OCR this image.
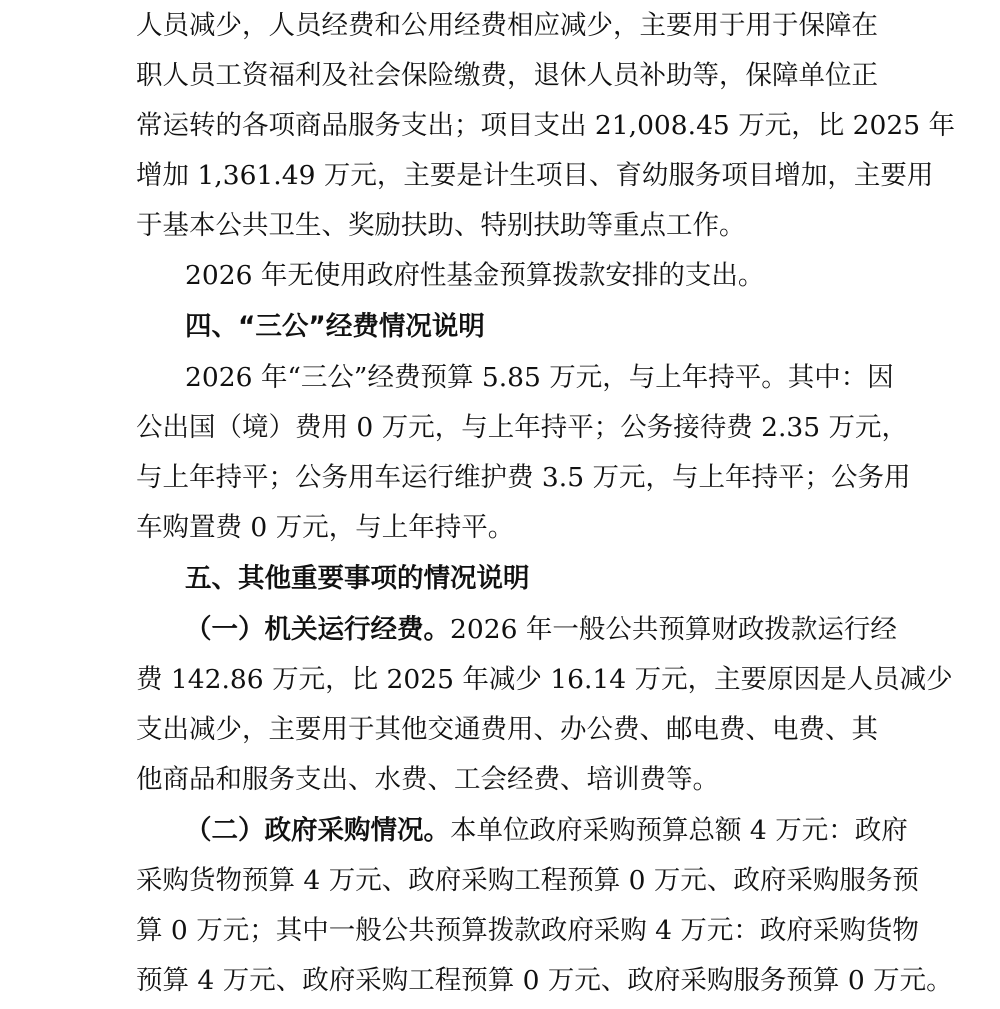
人员减少，人员经费和公用经费相应减少，主要用于用于保障在
职人员工资福利及社会保险缴费，退休人员补助等，保障单位正
常运转的各项商品服务支出；项目支出 21,008.45 万元，比 2025 年
增加 1,361.49 万元，主要是计生项目、育幼服务项目增加，主要用
于基本公共卫生、奖励扶助、特别扶助等重点工作。
2026 年无使用政府性基金预算拨款安排的支出。
四、“三公”经费情况说明
2026 年“三公”经费预算 5.85 万元，与上年持平。其中：因
公出国（境）费用 0 万元，与上年持平；公务接待费 2.35 万元，
与上年持平；公务用车运行维护费 3.5 万元，与上年持平；公务用
车购置费 0 万元，与上年持平。
五、其他重要事项的情况说明
（一）机关运行经费。2026 年一般公共预算财政拨款运行经
费 142.86 万元，比 2025 年减少 16.14 万元，主要原因是人员减少
支出减少，主要用于其他交通费用、办公费、邮电费、电费、其
他商品和服务支出、水费、工会经费、培训费等。
（二）政府采购情况。本单位政府采购预算总额 4 万元：政府
采购货物预算 4 万元、政府采购工程预算 0 万元、政府采购服务预
算 0 万元；其中一般公共预算拨款政府采购 4 万元：政府采购货物
预算 4 万元、政府采购工程预算 0 万元、政府采购服务预算 0 万元。
